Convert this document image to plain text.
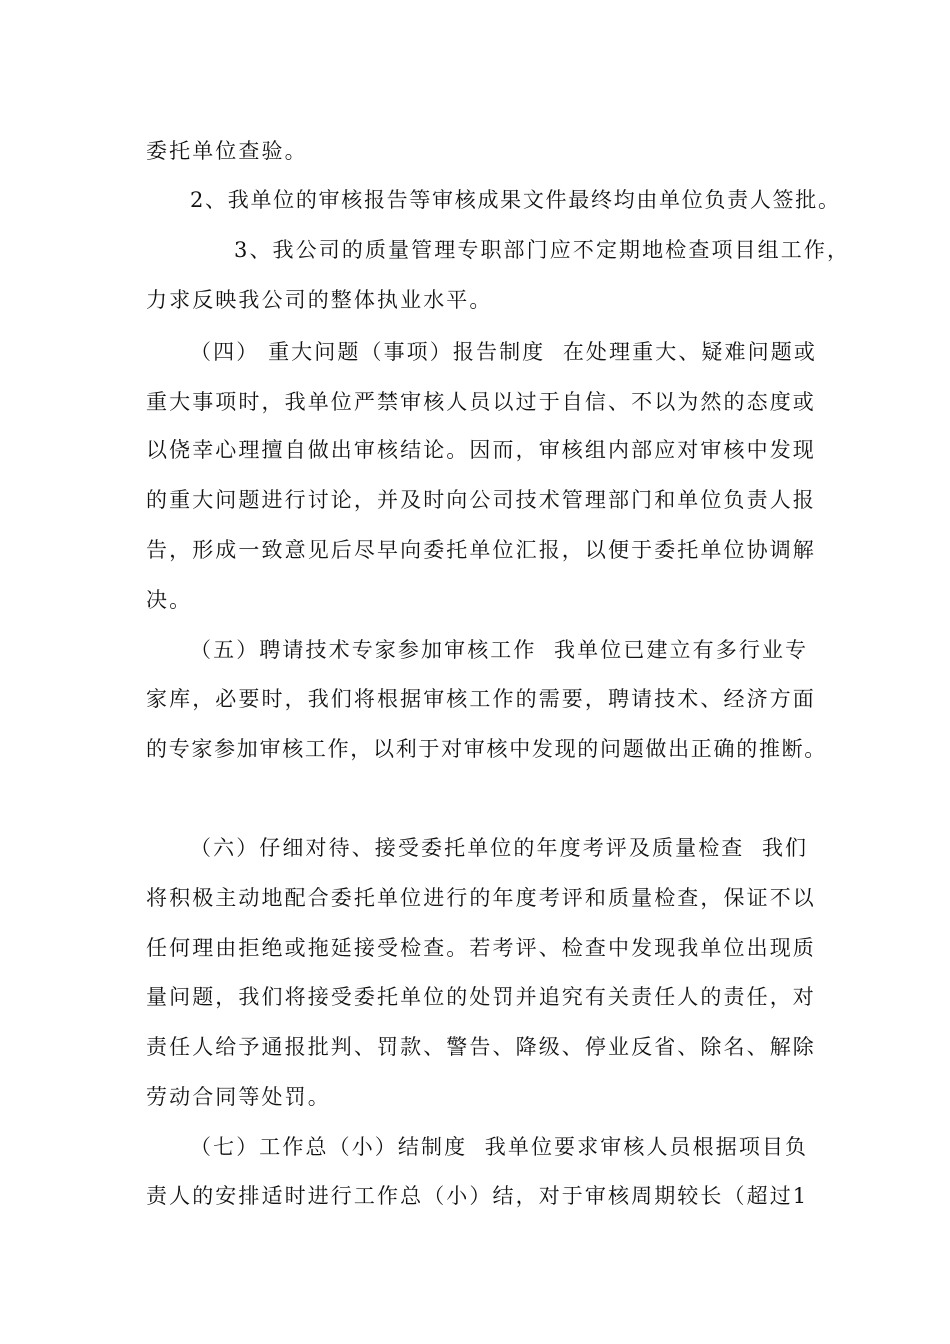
委托单位查验。
2、我单位的审核报告等审核成果文件最终均由单位负责人签批。
3、我公司的质量管理专职部门应不定期地检查项目组工作，
力求反映我公司的整体执业水平。
（四） 重大问题（事项）报告制度  在处理重大、疑难问题或
重大事项时，我单位严禁审核人员以过于自信、不以为然的态度或
以侥幸心理擅自做出审核结论。因而，审核组内部应对审核中发现
的重大问题进行讨论，并及时向公司技术管理部门和单位负责人报
告，形成一致意见后尽早向委托单位汇报，以便于委托单位协调解
决。
（五）聘请技术专家参加审核工作  我单位已建立有多行业专
家库，必要时，我们将根据审核工作的需要，聘请技术、经济方面
的专家参加审核工作，以利于对审核中发现的问题做出正确的推断。
（六）仔细对待、接受委托单位的年度考评及质量检查  我们
将积极主动地配合委托单位进行的年度考评和质量检查，保证不以
任何理由拒绝或拖延接受检查。若考评、检查中发现我单位出现质
量问题，我们将接受委托单位的处罚并追究有关责任人的责任，对
责任人给予通报批判、罚款、警告、降级、停业反省、除名、解除
劳动合同等处罚。
（七）工作总（小）结制度  我单位要求审核人员根据项目负
责人的安排适时进行工作总（小）结，对于审核周期较长（超过1
